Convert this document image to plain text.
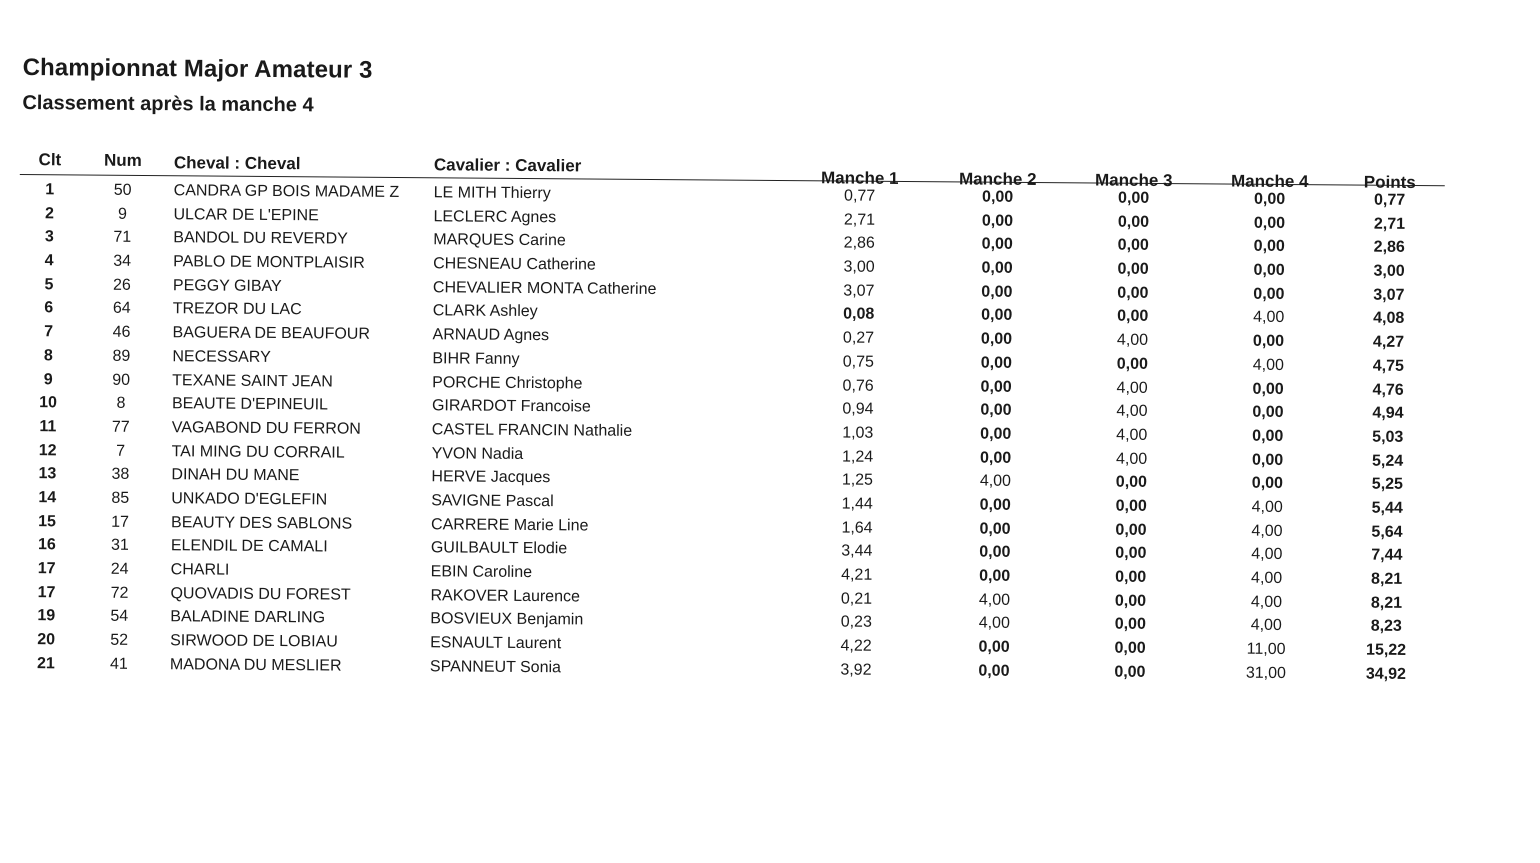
Championnat Major Amateur 3
Classement après la manche 4
Clt	Num Cheval : Cheval	Cavalier : Cavalier
Manche 1	Manche 2	Manche 3	Manche 4	Points
1	50	CANDRA GP BOIS MADAME Z	LE MITH Thierry	0,77	0,00	0,00	0,00	0,77
2	9	ULCAR DE L'EPINE	LECLERC Agnes	2,71	0,00	0,00	0,00	2,71
3	71	BANDOL DU REVERDY	MARQUES Carine	2,86	0,00	0,00	0,00	2,86
4	34	PABLO DE MONTPLAISIR	CHESNEAU Catherine	3,00	0,00	0,00	0,00	3,00
5	26	PEGGY GIBAY	CHEVALIER MONTA Catherine	3,07	0,00	0,00	0,00	3,07
6	64	TREZOR DU LAC	CLARK Ashley	0,08	0,00	0,00	4,00	4,08
7	46	BAGUERA DE BEAUFOUR	ARNAUD Agnes	0,27	0,00	4,00	0,00	4,27
8	89	NECESSARY	BIHR Fanny	0,75	0,00	0,00	4,00	4,75
9	90	TEXANE SAINT JEAN	PORCHE Christophe	0,76	0,00	4,00	0,00	4,76
10	8	BEAUTE D'EPINEUIL	GIRARDOT Francoise	0,94	0,00	4,00	0,00	4,94
11	77	VAGABOND DU FERRON	CASTEL FRANCIN Nathalie	1,03	0,00	4,00	0,00	5,03
12	7	TAI MING DU CORRAIL	YVON Nadia	1,24	0,00	4,00	0,00	5,24
13	38	DINAH DU MANE	HERVE Jacques	1,25	4,00	0,00	0,00	5,25
14	85	UNKADO D'EGLEFIN	SAVIGNE Pascal	1,44	0,00	0,00	4,00	5,44
15	17	BEAUTY DES SABLONS	CARRERE Marie Line	1,64	0,00	0,00	4,00	5,64
16	31	ELENDIL DE CAMALI	GUILBAULT Elodie	3,44	0,00	0,00	4,00	7,44
17	24	CHARLI	EBIN Caroline	4,21	0,00	0,00	4,00	8,21
17	72	QUOVADIS DU FOREST	RAKOVER Laurence	0,21	4,00	0,00	4,00	8,21
19	54	BALADINE DARLING	BOSVIEUX Benjamin	0,23	4,00	0,00	4,00	8,23
20	52	SIRWOOD DE LOBIAU	ESNAULT Laurent	4,22	0,00	0,00	11,00	15,22
21	41	MADONA DU MESLIER	SPANNEUT Sonia	3,92	0,00	0,00	31,00	34,92
